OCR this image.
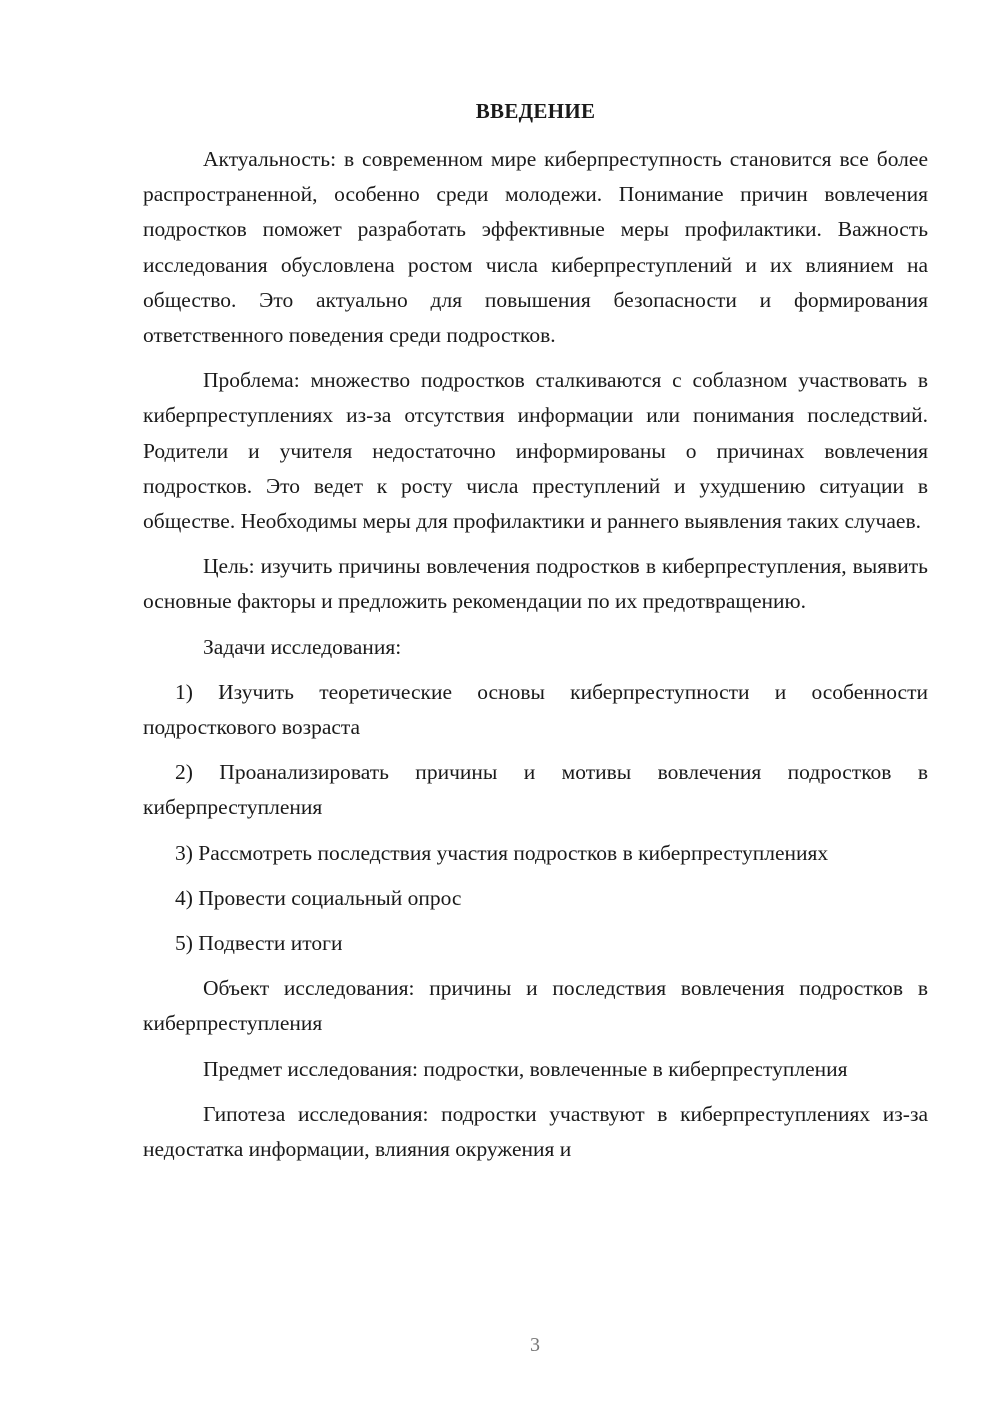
ВВЕДЕНИЕ

Актуальность: в современном мире киберпреступность становится все более распространенной, особенно среди молодежи. Понимание причин вовлечения подростков поможет разработать эффективные меры профилактики. Важность исследования обусловлена ростом числа киберпреступлений и их влиянием на общество. Это актуально для повышения безопасности и формирования ответственного поведения среди подростков.

Проблема: множество подростков сталкиваются с соблазном участвовать в киберпреступлениях из-за отсутствия информации или понимания последствий. Родители и учителя недостаточно информированы о причинах вовлечения подростков. Это ведет к росту числа преступлений и ухудшению ситуации в обществе. Необходимы меры для профилактики и раннего выявления таких случаев.

Цель: изучить причины вовлечения подростков в киберпреступления, выявить основные факторы и предложить рекомендации по их предотвращению.

Задачи исследования:

1) Изучить теоретические основы киберпреступности и особенности подросткового возраста

2) Проанализировать причины и мотивы вовлечения подростков в киберпреступления

3) Рассмотреть последствия участия подростков в киберпреступлениях

4) Провести социальный опрос

5) Подвести итоги

Объект исследования: причины и последствия вовлечения подростков в киберпреступления

Предмет исследования: подростки, вовлеченные в киберпреступления

Гипотеза исследования: подростки участвуют в киберпреступлениях из-за недостатка информации, влияния окружения и

3
